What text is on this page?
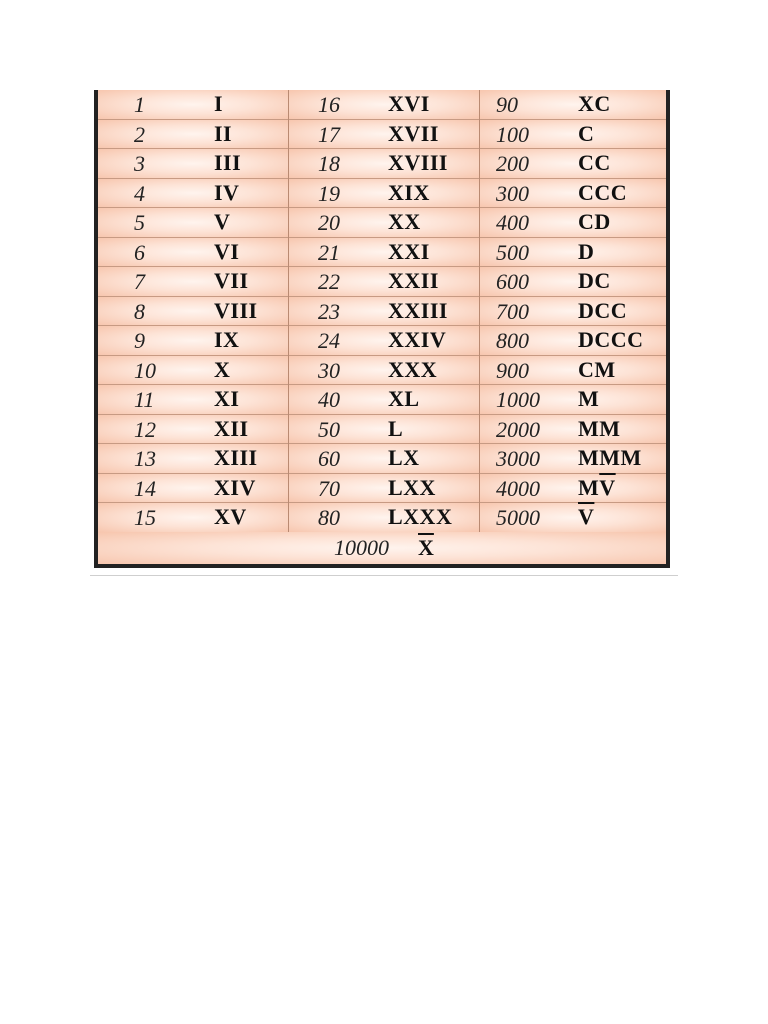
1	I
2	II
3	III
4	IV
5	V
6	VI
7	VII
8	VIII
9	IX
10	X
11	XI
12	XII
13	XIII
14	XIV
15	XV
16 XVI
17 XVII
18 XVIII
19 XIX
20 XX
21 XXI
22 XXII
23 XXIII
24 XXIV
30 XXX
40 XL
50 L
60 LX
70 LXX
80 LXXX
90	XC
100 C
200 CC
300 CCC
400 CD
500 D
600 DC
700 DCC
800 DCCC
900 CM
1000 M
2000 MM
3000 MMM
4000 $M\overline{V}$
5000 $\overline{V}$
10000 $\overline{X}$
